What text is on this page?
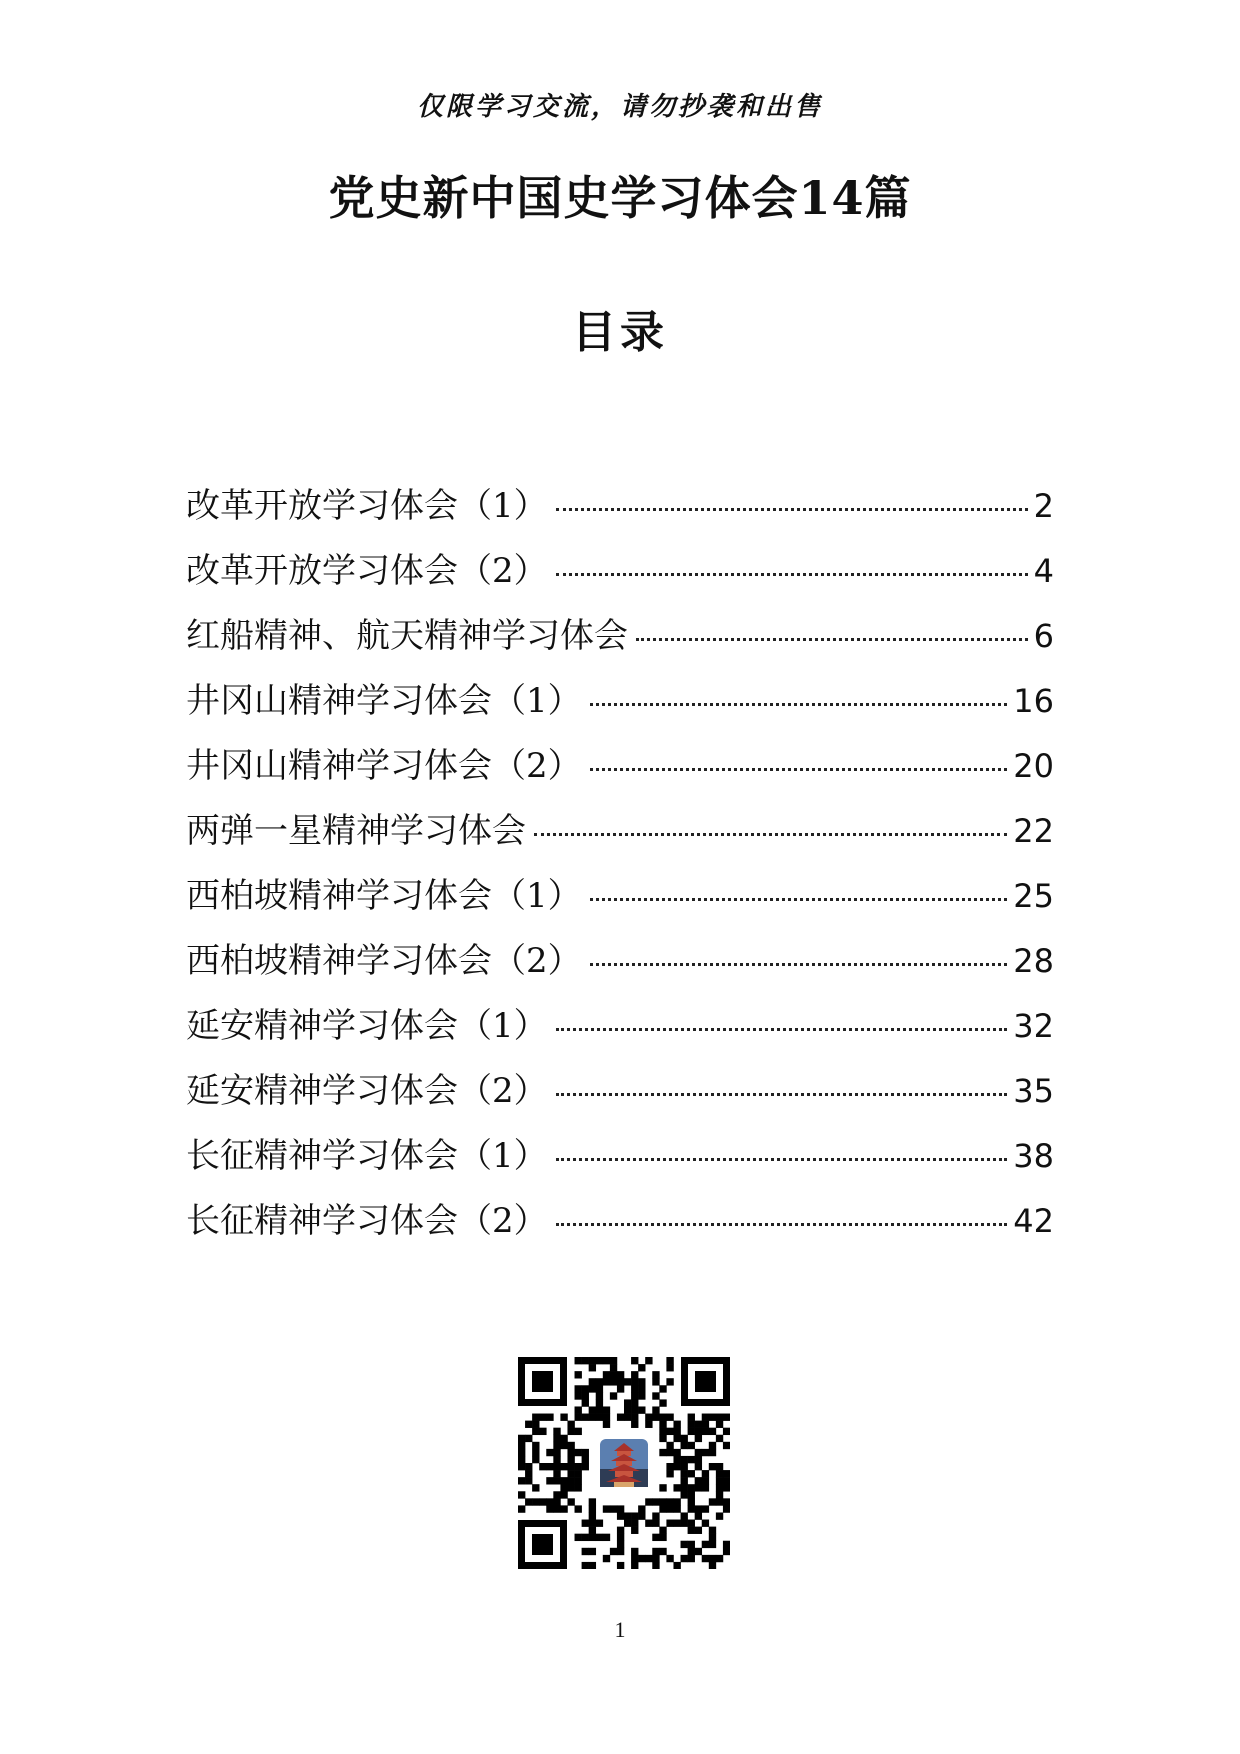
仅限学习交流，请勿抄袭和出售
党史新中国史学习体会14篇
目录
改革开放学习体会（1）	2
改革开放学习体会（2）	4
红船精神、航天精神学习体会	6
井冈山精神学习体会（1）	16
井冈山精神学习体会（2）	20
两弹一星精神学习体会	22
西柏坡精神学习体会（1）	25
西柏坡精神学习体会（2）	28
延安精神学习体会（1）	32
延安精神学习体会（2）	35
长征精神学习体会（1）	38
长征精神学习体会（2）	42
1
